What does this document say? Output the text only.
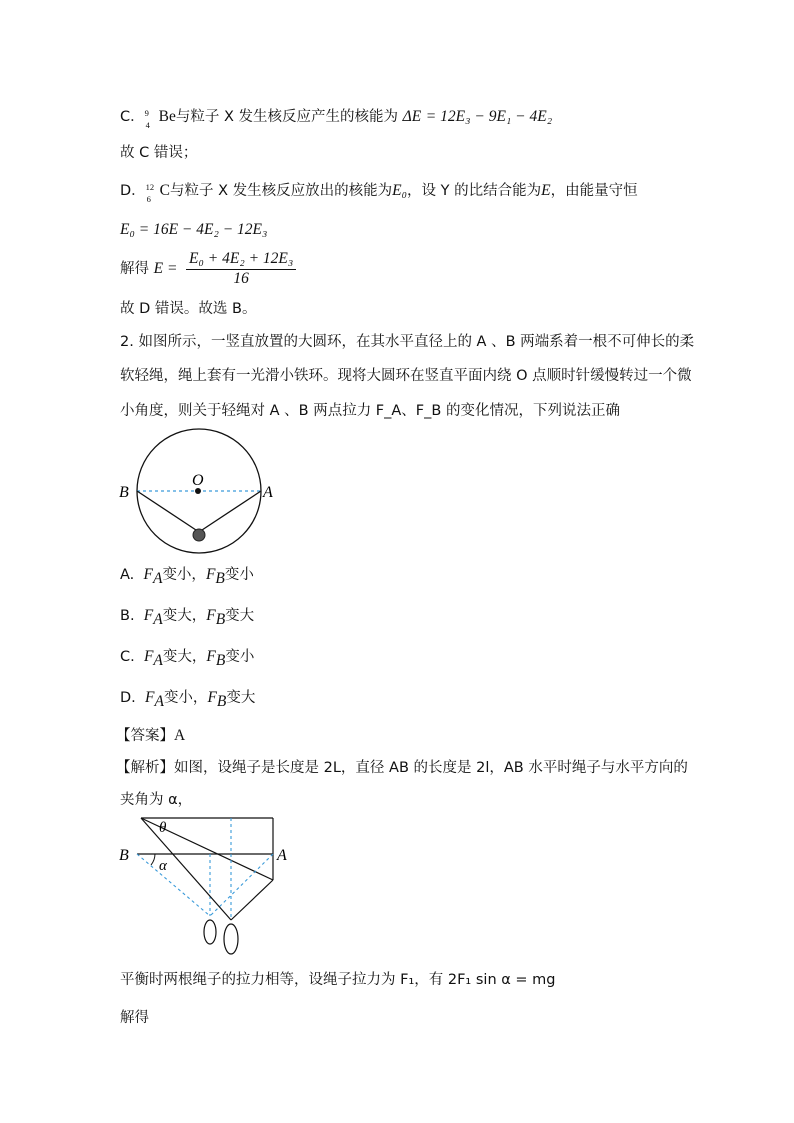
C． 9
4 Be与粒子 X 发生核反应产生的核能为 ΔE = 12E₃ − 9E₁ − 4E₂
故 C 错误；
D． 12
6 C与粒子 X 发生核反应放出的核能为E₀，设 Y 的比结合能为E，由能量守恒
E₀ = 16E − 4E₂ − 12E₃
解得 $E = \frac{\text{E₀ + 4E₂ + 12E₃}}{16}$
故 D 错误。故选 B。
2. 如图所示，一竖直放置的大圆环，在其水平直径上的 A 、B 两端系着一根不可伸长的柔
软轻绳，绳上套有一光滑小铁环。现将大圆环在竖直平面内绕 O 点顺时针缓慢转过一个微
小角度，则关于轻绳对 A 、B 两点拉力 F_A、F_B 的变化情况，下列说法正确
B	A
O
A. $F_A$变小，$F_B$变小
B. $F_A$变大，$F_B$变大
C. $F_A$变大，$F_B$变小
D. $F_A$变小，$F_B$变大
【答案】A
【解析】如图，设绳子是长度是 2L，直径 AB 的长度是 2l，AB 水平时绳子与水平方向的
夹角为 α，
B	A
θ
α
平衡时两根绳子的拉力相等，设绳子拉力为 F₁，有 2F₁ sin α = mg
解得
